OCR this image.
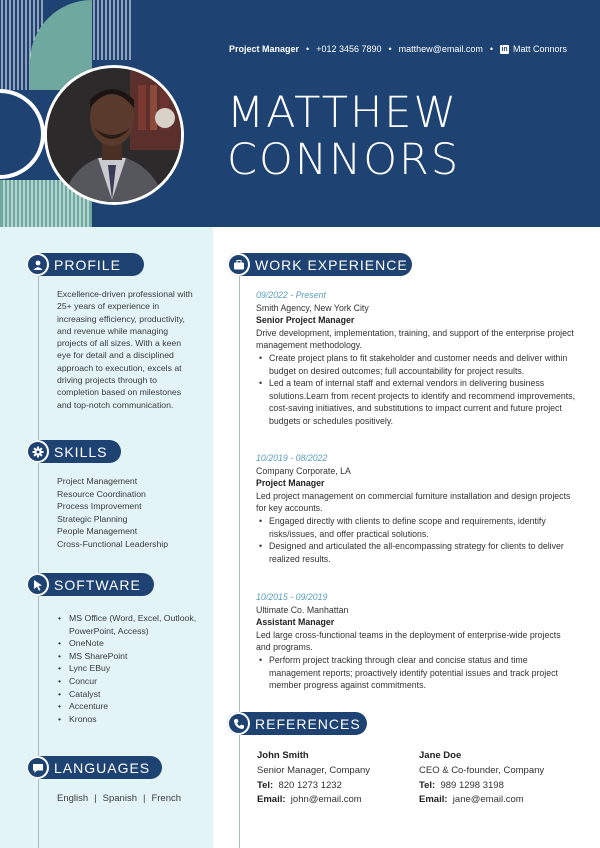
Project Manager • +012 3456 7890 • matthew@email.com • in Matt Connors
MATTHEW
CONNORS
PROFILE
Excellence-driven professional with 25+ years of experience in increasing efficiency, productivity, and revenue while managing projects of all sizes. With a keen eye for detail and a disciplined approach to execution, excels at driving projects through to completion based on milestones and top-notch communication.
SKILLS
Project Management
Resource Coordination
Process Improvement
Strategic Planning
People Management
Cross-Functional Leadership
SOFTWARE
• MS Office (Word, Excel, Outlook, PowerPoint, Access)
• OneNote
• MS SharePoint
• Lync EBuy
• Concur
• Catalyst
• Accenture
• Kronos
LANGUAGES
English | Spanish | French
WORK EXPERIENCE
09/2022 - Present
Smith Agency, New York City
Senior Project Manager
Drive development, implementation, training, and support of the enterprise project management methodology.
• Create project plans to fit stakeholder and customer needs and deliver within budget on desired outcomes; full accountability for project results.
• Led a team of internal staff and external vendors in delivering business solutions.Learn from recent projects to identify and recommend improvements, cost-saving initiatives, and substitutions to impact current and future project budgets or schedules positively.
10/2019 - 08/2022
Company Corporate, LA
Project Manager
Led project management on commercial furniture installation and design projects for key accounts.
• Engaged directly with clients to define scope and requirements, identify risks/issues, and offer practical solutions.
• Designed and articulated the all-encompassing strategy for clients to deliver realized results.
10/2015 - 09/2019
Ultimate Co. Manhattan
Assistant Manager
Led large cross-functional teams in the deployment of enterprise-wide projects and programs.
• Perform project tracking through clear and concise status and time management reports; proactively identify potential issues and track project member progress against commitments.
REFERENCES
John Smith
Senior Manager, Company
Tel: 820 1273 1232
Email: john@email.com
Jane Doe
CEO & Co-founder, Company
Tel: 989 1298 3198
Email: jane@email.com
